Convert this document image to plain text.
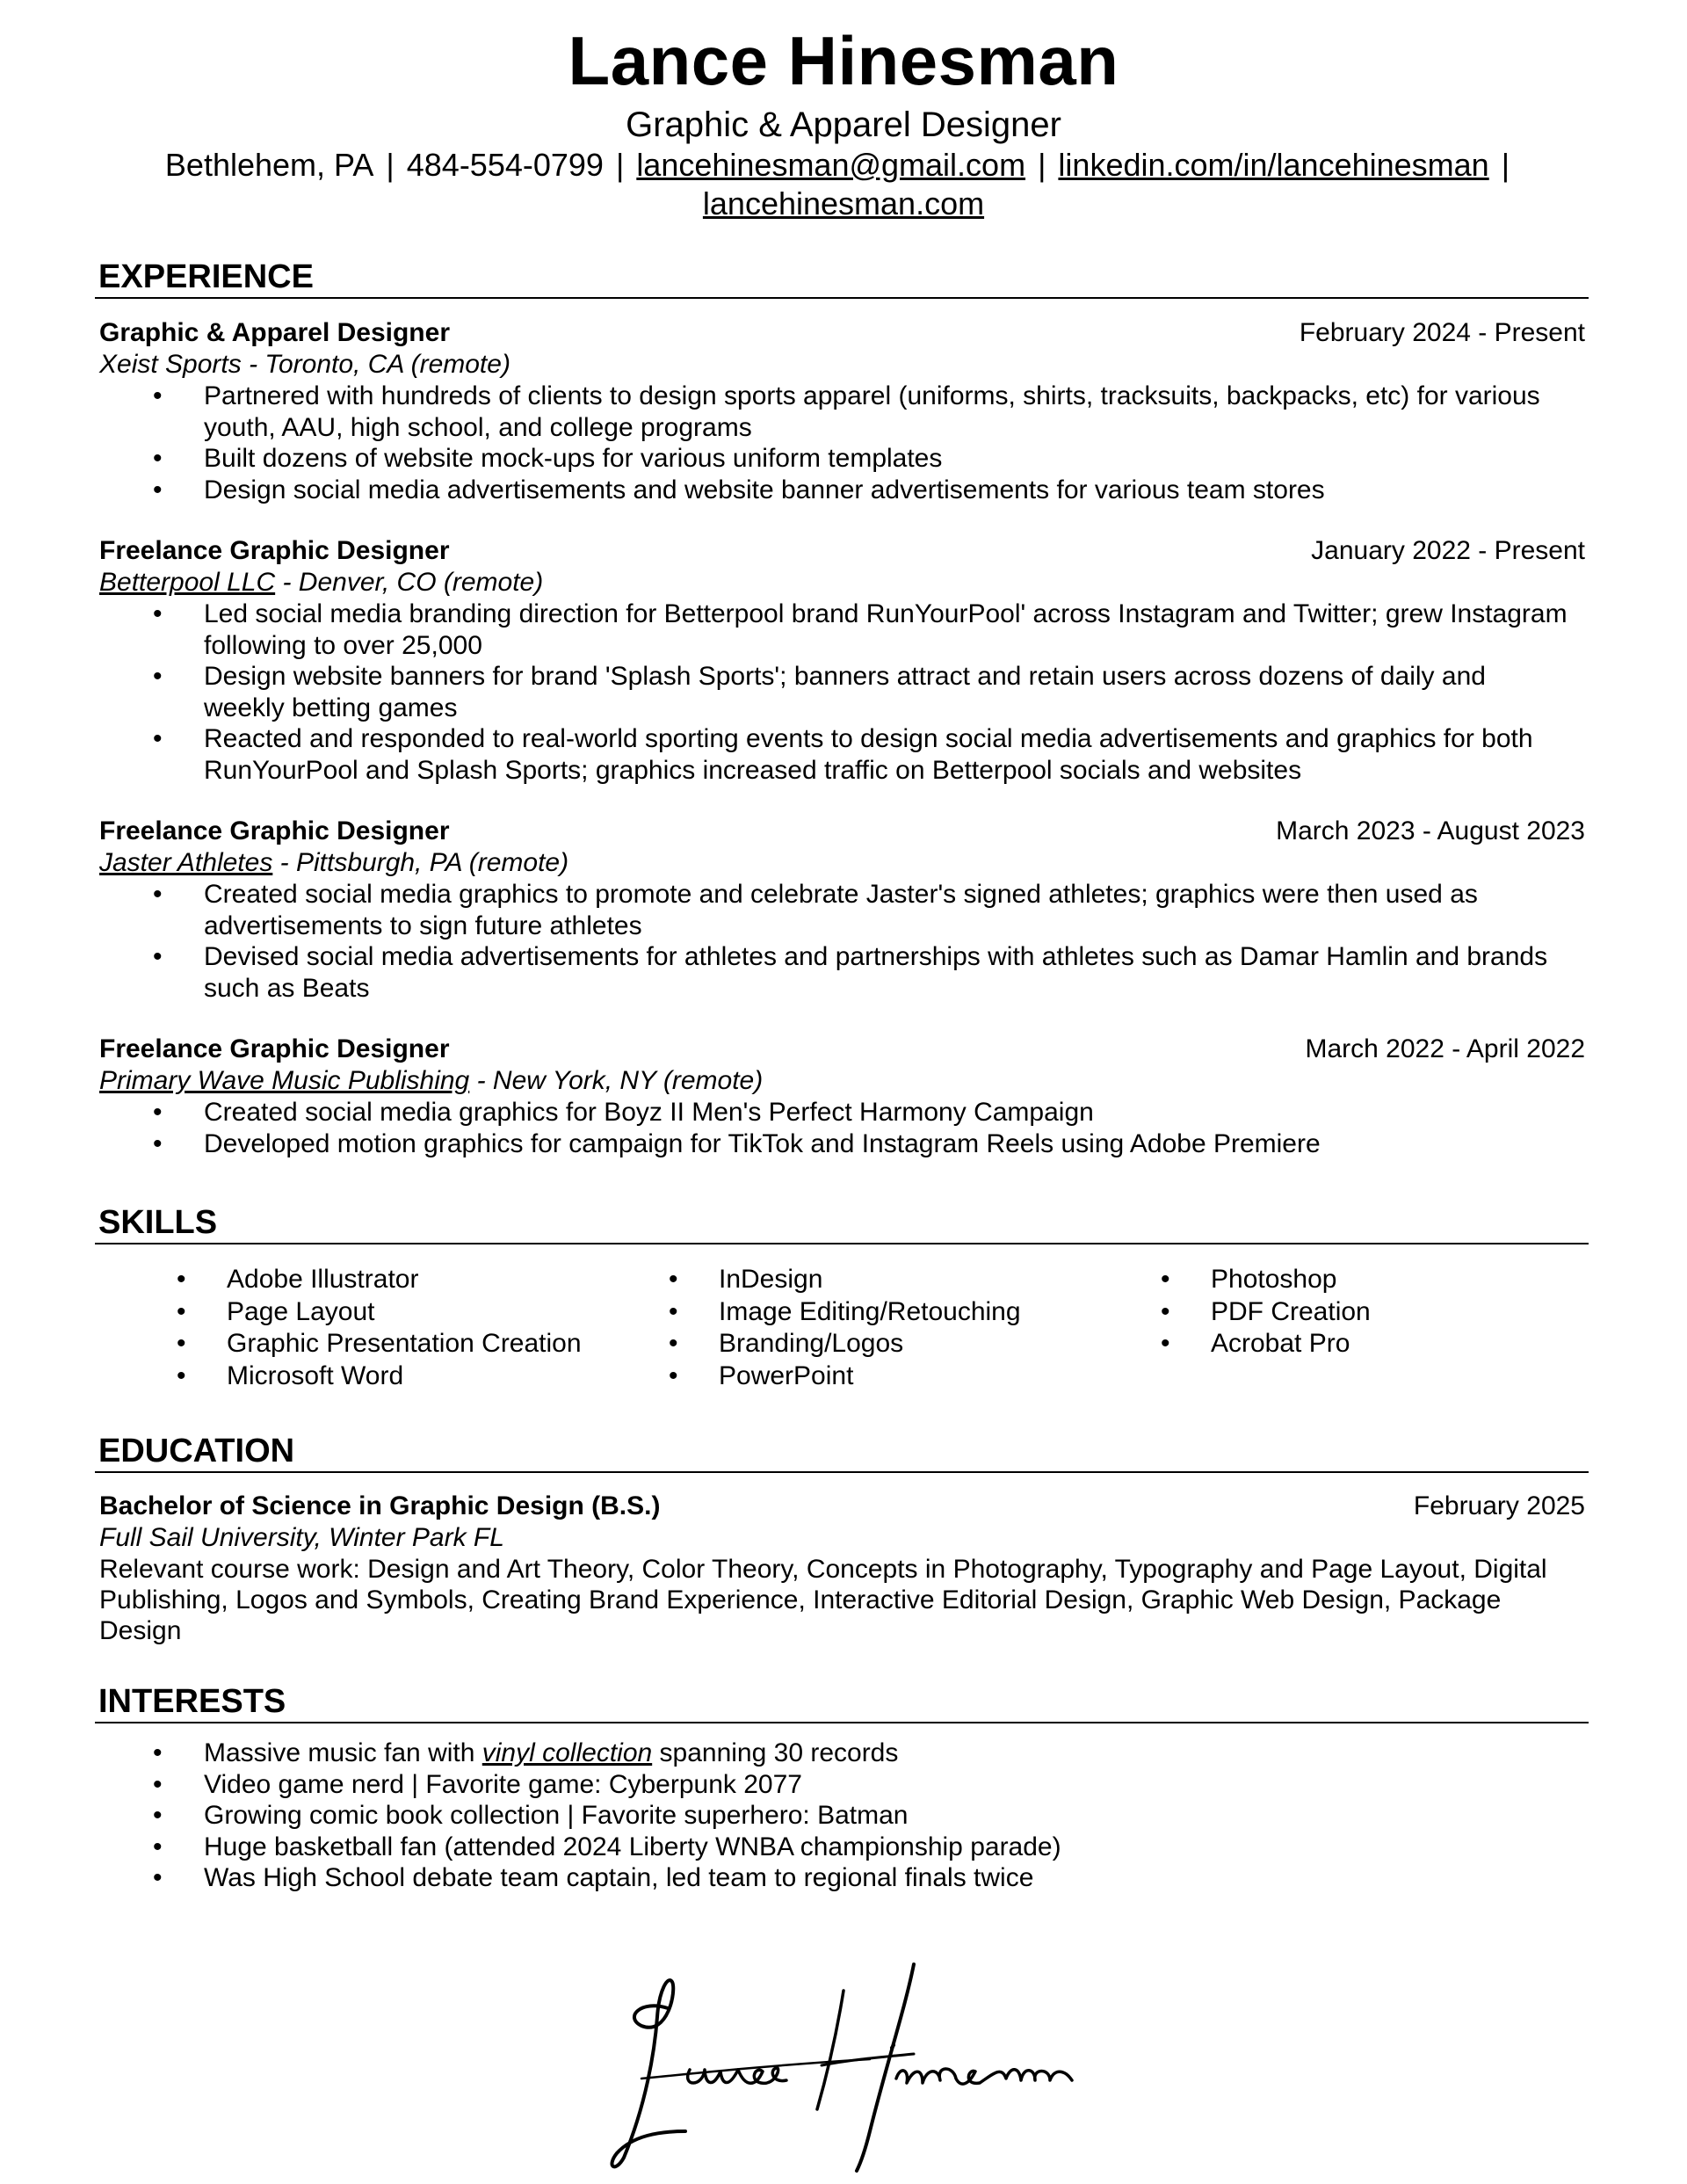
Lance Hinesman
Graphic & Apparel Designer
Bethlehem, PA | 484-554-0799 | lancehinesman@gmail.com | linkedin.com/in/lancehinesman |
lancehinesman.com
EXPERIENCE
Graphic & Apparel Designer	February 2024 - Present
Xeist Sports - Toronto, CA (remote)
• Partnered with hundreds of clients to design sports apparel (uniforms, shirts, tracksuits, backpacks, etc) for various youth, AAU, high school, and college programs
• Built dozens of website mock-ups for various uniform templates
• Design social media advertisements and website banner advertisements for various team stores
Freelance Graphic Designer	January 2022 - Present
Betterpool LLC - Denver, CO (remote)
• Led social media branding direction for Betterpool brand RunYourPool' across Instagram and Twitter; grew Instagram following to over 25,000
• Design website banners for brand 'Splash Sports'; banners attract and retain users across dozens of daily and weekly betting games
• Reacted and responded to real-world sporting events to design social media advertisements and graphics for both RunYourPool and Splash Sports; graphics increased traffic on Betterpool socials and websites
Freelance Graphic Designer	March 2023 - August 2023
Jaster Athletes - Pittsburgh, PA (remote)
• Created social media graphics to promote and celebrate Jaster's signed athletes; graphics were then used as advertisements to sign future athletes
• Devised social media advertisements for athletes and partnerships with athletes such as Damar Hamlin and brands such as Beats
Freelance Graphic Designer	March 2022 - April 2022
Primary Wave Music Publishing - New York, NY (remote)
• Created social media graphics for Boyz II Men's Perfect Harmony Campaign
• Developed motion graphics for campaign for TikTok and Instagram Reels using Adobe Premiere
SKILLS
• Adobe Illustrator
• Page Layout
• Graphic Presentation Creation
• Microsoft Word
• InDesign
• Image Editing/Retouching
• Branding/Logos
• PowerPoint
• Photoshop
• PDF Creation
• Acrobat Pro
EDUCATION
Bachelor of Science in Graphic Design (B.S.)	February 2025
Full Sail University, Winter Park FL
Relevant course work: Design and Art Theory, Color Theory, Concepts in Photography, Typography and Page Layout, Digital Publishing, Logos and Symbols, Creating Brand Experience, Interactive Editorial Design, Graphic Web Design, Package Design
INTERESTS
• Massive music fan with vinyl collection spanning 30 records
• Video game nerd | Favorite game: Cyberpunk 2077
• Growing comic book collection | Favorite superhero: Batman
• Huge basketball fan (attended 2024 Liberty WNBA championship parade)
• Was High School debate team captain, led team to regional finals twice
